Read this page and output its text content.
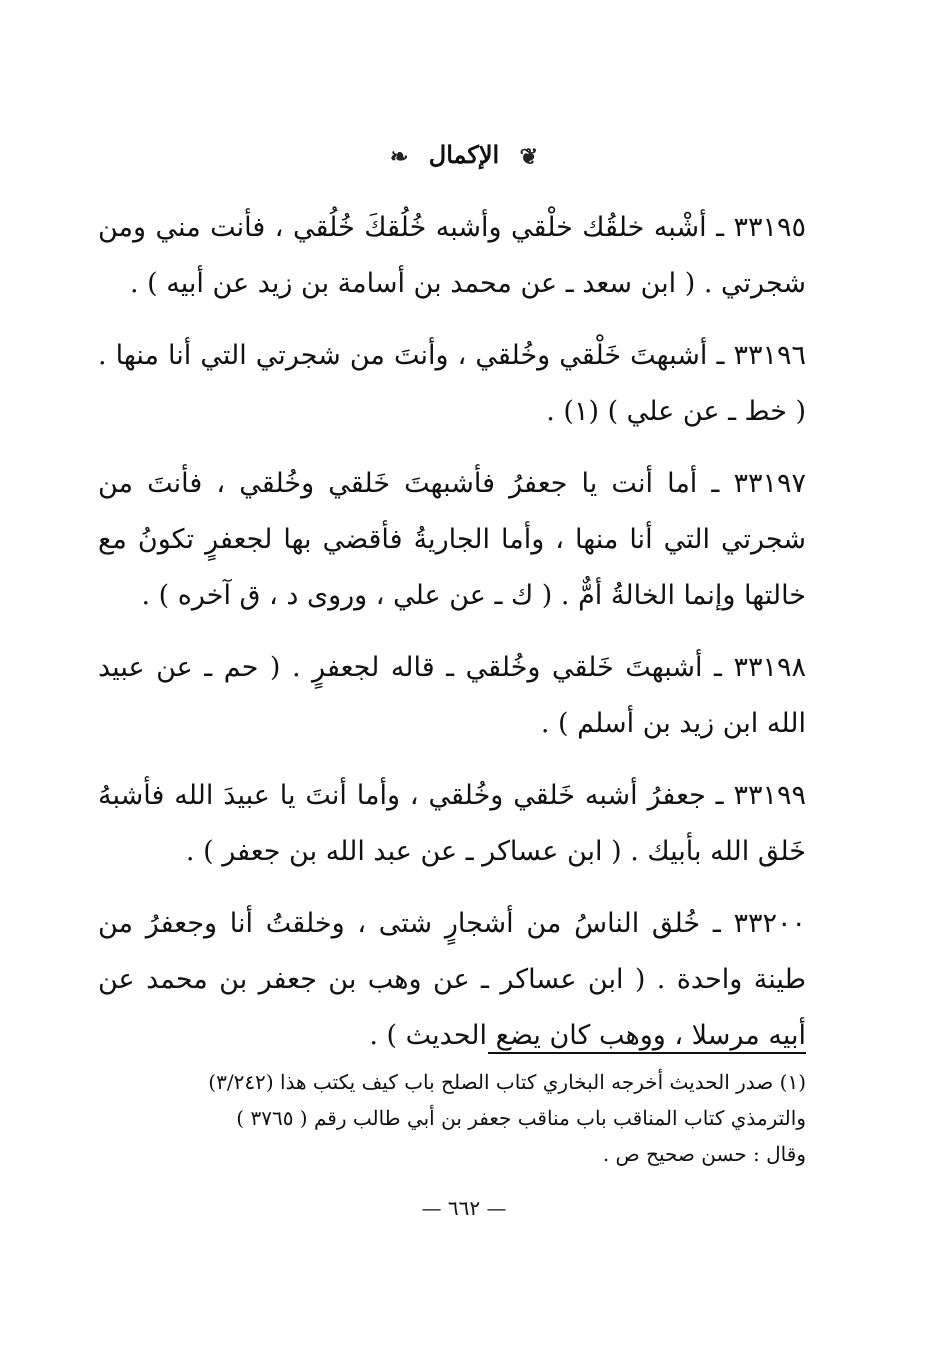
❦ الإكمال ❧

٣٣١٩٥ ـ أشْبه خلقُك خلْقي وأشبه خُلُقكَ خُلُقي ، فأنت مني ومن شجرتي . ( ابن سعد ـ عن محمد بن أسامة بن زيد عن أبيه ) .

٣٣١٩٦ ـ أشبهتَ خَلْقي وخُلقي ، وأنتَ من شجرتي التي أنا منها . ( خط ـ عن علي ) (١) .

٣٣١٩٧ ـ أما أنت يا جعفرُ فأشبهتَ خَلقي وخُلقي ، فأنتَ من شجرتي التي أنا منها ، وأما الجاريةُ فأقضي بها لجعفرٍ تكونُ مع خالتها وإنما الخالةُ أمٌّ . ( ك ـ عن علي ، وروى د ، ق آخره ) .

٣٣١٩٨ ـ أشبهتَ خَلقي وخُلقي ـ قاله لجعفرٍ . ( حم ـ عن عبيد الله ابن زيد بن أسلم ) .

٣٣١٩٩ ـ جعفرُ أشبه خَلقي وخُلقي ، وأما أنتَ يا عبيدَ الله فأشبهُ خَلق الله بأبيك . ( ابن عساكر ـ عن عبد الله بن جعفر ) .

٣٣٢٠٠ ـ خُلق الناسُ من أشجارٍ شتى ، وخلقتُ أنا وجعفرُ من طينة واحدة . ( ابن عساكر ـ عن وهب بن جعفر بن محمد عن أبيه مرسلا ، ووهب كان يضع الحديث ) .

(١) صدر الحديث أخرجه البخاري كتاب الصلح باب كيف يكتب هذا (٣/٢٤٢)
والترمذي كتاب المناقب باب مناقب جعفر بن أبي طالب رقم ( ٣٧٦٥ )
وقال : حسن صحيح ص .
— ٦٦٢ —
